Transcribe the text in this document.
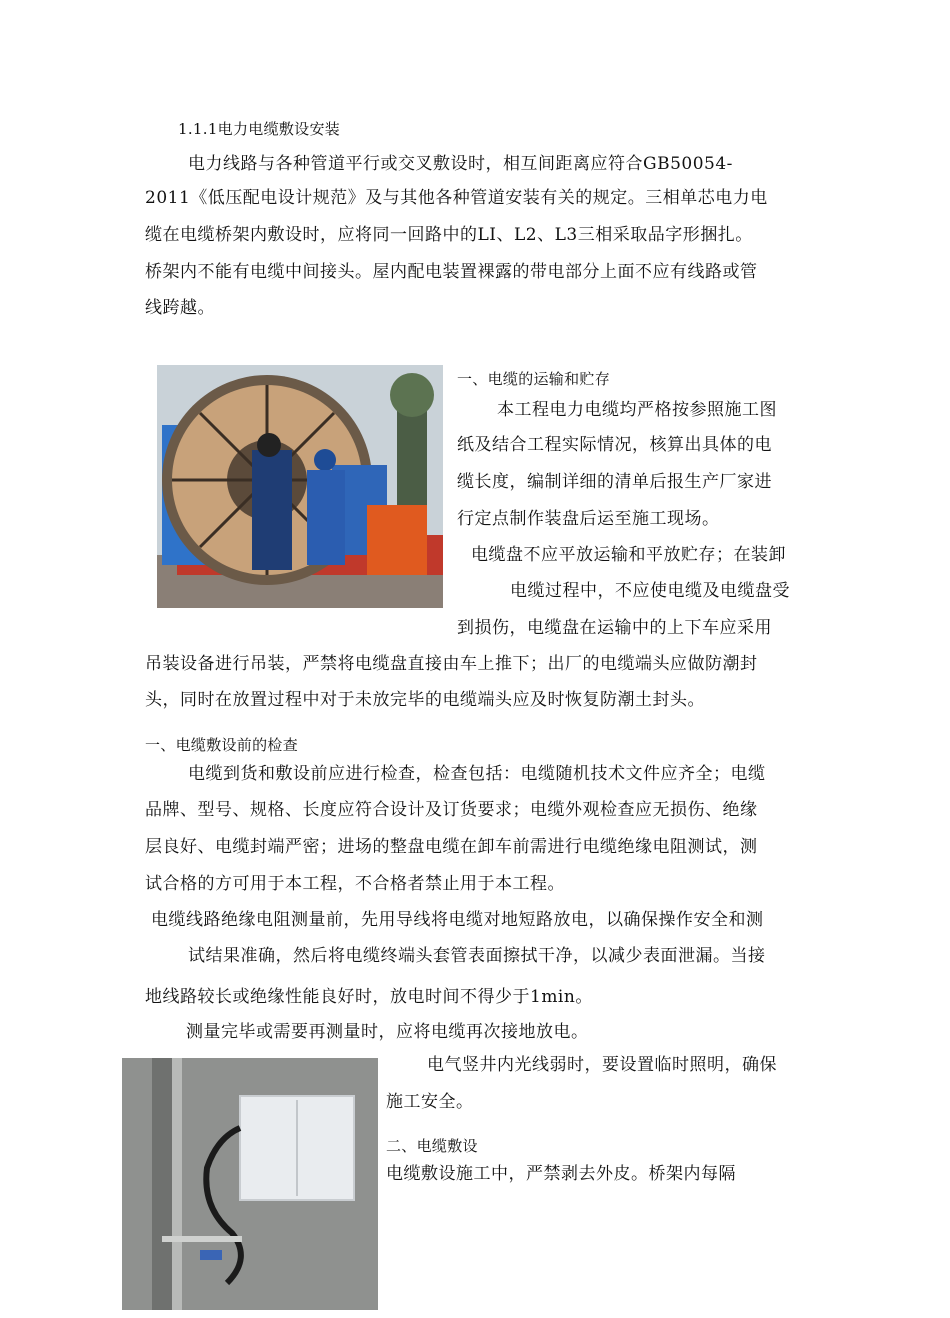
1.1.1电力电缆敷设安装
电力线路与各种管道平行或交叉敷设时，相互间距离应符合GB50054-
2011《低压配电设计规范》及与其他各种管道安装有关的规定。三相单芯电力电
缆在电缆桥架内敷设时，应将同一回路中的LI、L2、L3三相采取品字形捆扎。
桥架内不能有电缆中间接头。屋内配电装置裸露的带电部分上面不应有线路或管
线跨越。
一、电缆的运输和贮存
本工程电力电缆均严格按参照施工图
纸及结合工程实际情况，核算出具体的电
缆长度，编制详细的清单后报生产厂家进
行定点制作装盘后运至施工现场。
电缆盘不应平放运输和平放贮存；在装卸
电缆过程中，不应使电缆及电缆盘受
到损伤，电缆盘在运输中的上下车应采用
吊装设备进行吊装，严禁将电缆盘直接由车上推下；出厂的电缆端头应做防潮封
头，同时在放置过程中对于未放完毕的电缆端头应及时恢复防潮土封头。
一、电缆敷设前的检查
电缆到货和敷设前应进行检查，检查包括：电缆随机技术文件应齐全；电缆
品牌、型号、规格、长度应符合设计及订货要求；电缆外观检查应无损伤、绝缘
层良好、电缆封端严密；进场的整盘电缆在卸车前需进行电缆绝缘电阻测试，测
试合格的方可用于本工程，不合格者禁止用于本工程。
电缆线路绝缘电阻测量前，先用导线将电缆对地短路放电，以确保操作安全和测
试结果准确，然后将电缆终端头套管表面擦拭干净，以减少表面泄漏。当接
地线路较长或绝缘性能良好时，放电时间不得少于1min。
测量完毕或需要再测量时，应将电缆再次接地放电。
电气竖井内光线弱时，要设置临时照明，确保
施工安全。
二、电缆敷设
电缆敷设施工中，严禁剥去外皮。桥架内每隔
